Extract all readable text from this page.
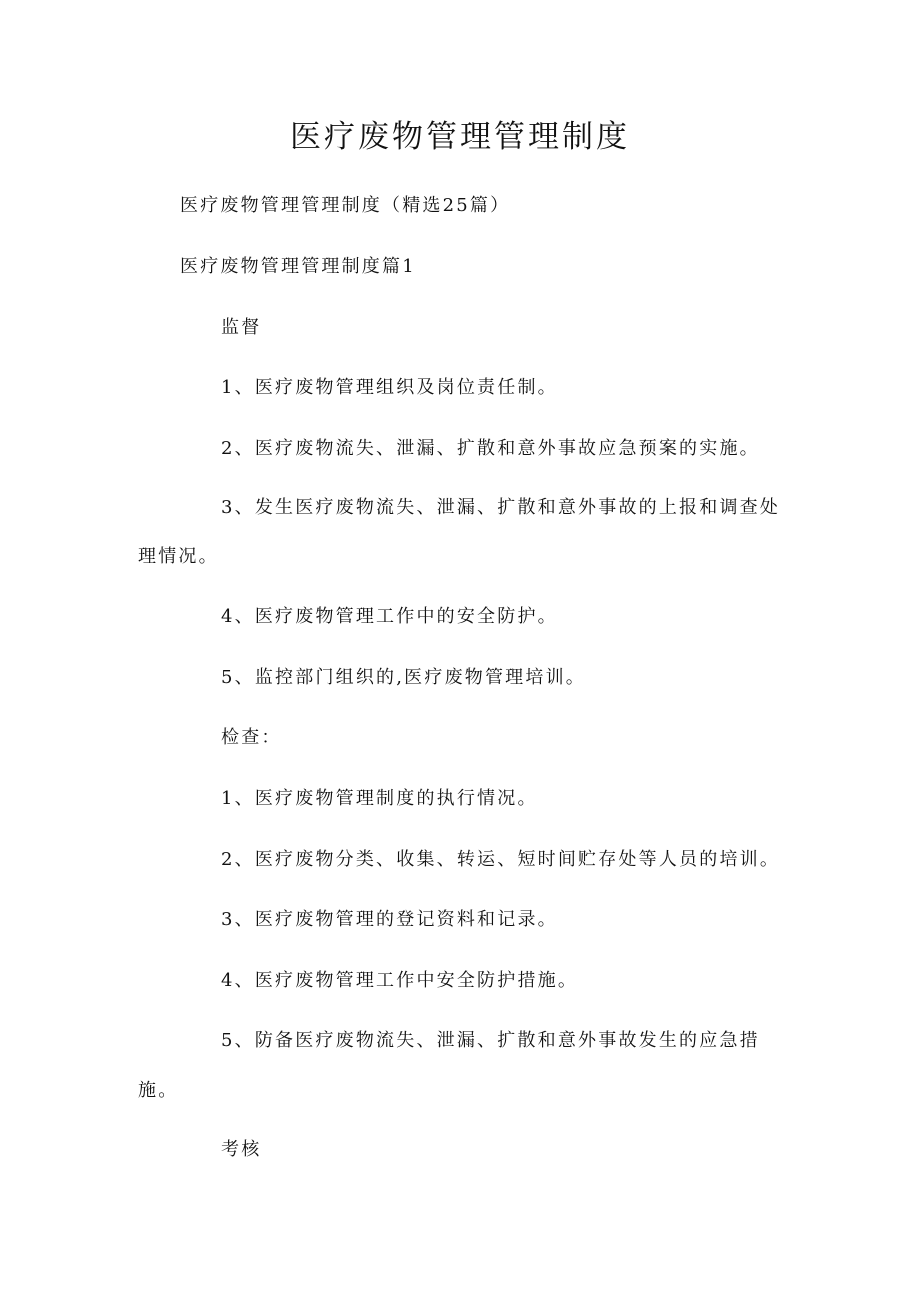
医疗废物管理管理制度
医疗废物管理管理制度（精选25篇）
医疗废物管理管理制度篇1
监督
1、医疗废物管理组织及岗位责任制。
2、医疗废物流失、泄漏、扩散和意外事故应急预案的实施。
3、发生医疗废物流失、泄漏、扩散和意外事故的上报和调查处
理情况。
4、医疗废物管理工作中的安全防护。
5、监控部门组织的,医疗废物管理培训。
检查：
1、医疗废物管理制度的执行情况。
2、医疗废物分类、收集、转运、短时间贮存处等人员的培训。
3、医疗废物管理的登记资料和记录。
4、医疗废物管理工作中安全防护措施。
5、防备医疗废物流失、泄漏、扩散和意外事故发生的应急措
施。
考核
